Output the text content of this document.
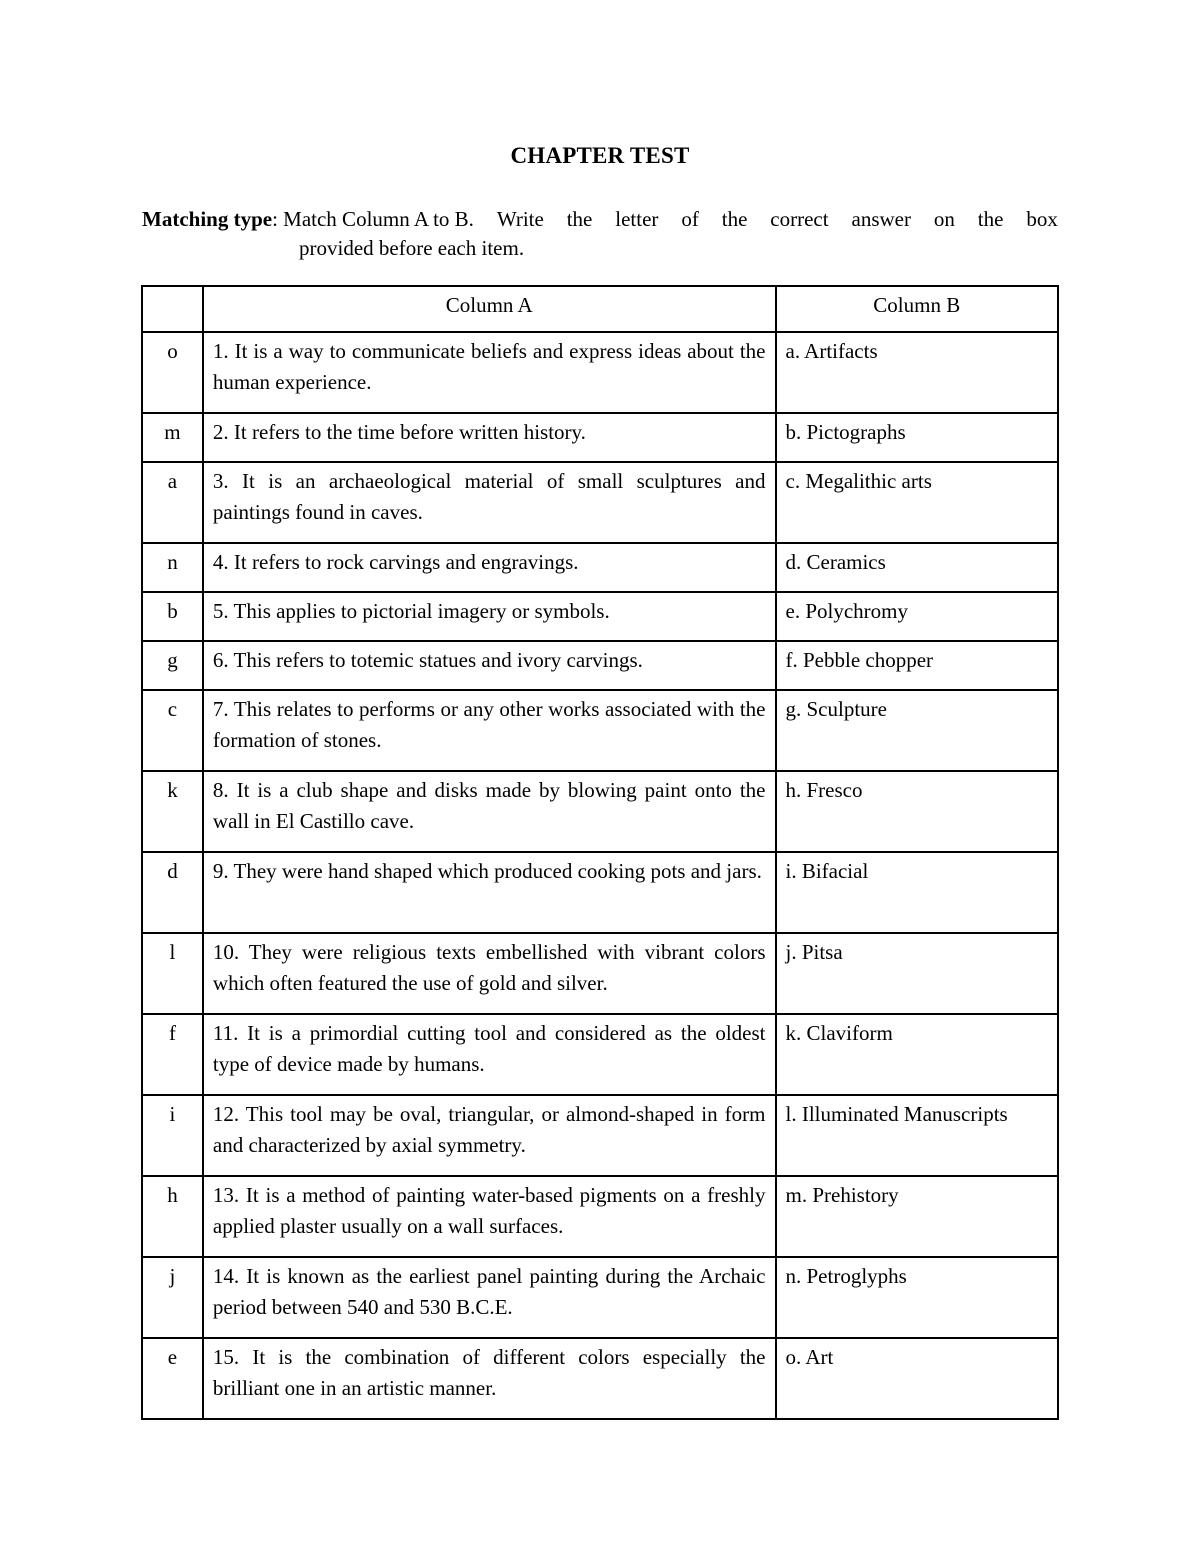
CHAPTER TEST
Matching type: Match Column A to B. Write the letter of the correct answer on the box
provided before each item.
	Column A	Column B
o	1. It is a way to communicate beliefs and express ideas about the human experience.	a. Artifacts
m	2. It refers to the time before written history.	b. Pictographs
a	3. It is an archaeological material of small sculptures and paintings found in caves.	c. Megalithic arts
n	4. It refers to rock carvings and engravings.	d. Ceramics
b	5. This applies to pictorial imagery or symbols.	e. Polychromy
g	6. This refers to totemic statues and ivory carvings.	f. Pebble chopper
c	7. This relates to performs or any other works associated with the formation of stones.	g. Sculpture
k	8. It is a club shape and disks made by blowing paint onto the wall in El Castillo cave.	h. Fresco
d	9. They were hand shaped which produced cooking pots and jars.	i. Bifacial
l	10. They were religious texts embellished with vibrant colors which often featured the use of gold and silver.	j. Pitsa
f	11. It is a primordial cutting tool and considered as the oldest type of device made by humans.	k. Claviform
i	12. This tool may be oval, triangular, or almond-shaped in form and characterized by axial symmetry.	l. Illuminated Manuscripts
h	13. It is a method of painting water-based pigments on a freshly applied plaster usually on a wall surfaces.	m. Prehistory
j	14. It is known as the earliest panel painting during the Archaic period between 540 and 530 B.C.E.	n. Petroglyphs
e	15. It is the combination of different colors especially the brilliant one in an artistic manner.	o. Art
